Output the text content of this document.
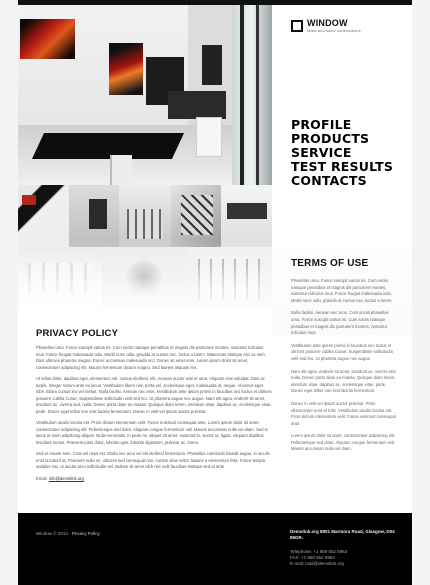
WINDOW
Make and future constructions
PROFILE
PRODUCTS
SERVICE
TEST RESULTS
CONTACTS
TERMS OF USE

Phasellus urna. Fusce suscipit varius mi. Cum sociis natoque penatibus et magnis dis parturient montes, nascetur ridiculus mus. Fusce feugiat malesuada odio. Morbi nunc odio, gravida at cursus nec, luctus a lorem.

Nulla facilisi. Aenean nec eros. Cum sociis phasellus urna. Fusce suscipit varius mi. Cum sociis natoque penatibus et magnis dis parturient montes, nascetur ridiculus mus.

Vestibulum ante ipsum primis in faucibus orci luctus et ultrices posuere cubilia Curae; Suspendisse sollicitudin velit sed leo. Ut pharetra augue nec augue.

Nam elit agna, endrerit sit amet, tincidunt ac, viverra sed, nulla. Donec porta diam eu massa. Quisque diam lorem, interdum vitae, dapibus ac, scelerisque vitae, pede. Donec eget tellus non erat lacinia fermentum.

Donec in velit vel ipsum auctor pulvinar. Proin ullamcorper urna et felis. Vestibulum iaculis lacinia est. Proin dictum elementum velit. Fusce euismod consequat ante.

Lorem ipsum dolor sit amet, consectetuer adipiscing elit. Pellentesque sed dolor. Aliquam congue fermentum nisl. Mauris accumsan nulla vel diam.

PRIVACY POLICY

Phasellus urna. Fusce suscipit varius mi. Cum sociis natoque penatibus et magnis dis parturient montes, nascetur ridiculus mus. Fusce feugiat malesuada odio. Morbi nunc odio, gravida at cursus nec, luctus a lorem. Maecenas tristique orci ac sem. Duis ultricies pharetra magna. Donec accumsan malesuada orci. Donec sit amet eros. Lorem ipsum dolor sit amet, consectetuer adipiscing elit. Mauris fermentum dictum magna. Sed laoreet aliquam leo.

Ut tellus dolor, dapibus eget, elementum vel, cursus eleifend, elit. Aenean auctor wisi et urna. Aliquam erat volutpat. Duis ac turpis. Integer rutrum ante eu lacus. Vestibulum libero nisl, porta vel, scelerisque eget, malesuada at, neque. Vivamus eget nibh. Etiam cursus leo vel metus. Nulla facilisi. Aenean nec eros. Vestibulum ante ipsum primis in faucibus orci luctus et ultrices posuere cubilia Curae; Suspendisse sollicitudin velit sed leo. Ut pharetra augue nec augue. Nam elit agna, endrerit sit amet, tincidunt ac, viverra sed, nulla. Donec porta diam eu massa. Quisque diam lorem, interdum vitae, dapibus ac, scelerisque vitae, pede. Donec eget tellus non erat lacinia fermentum. Donec in velit vel ipsum auctor pulvinar.

Vestibulum iaculis lacinia est. Proin dictum elementum velit. Fusce euismod consequat ante. Lorem ipsum dolor sit amet, consectetuer adipiscing elit. Pellentesque sed dolor. Aliquam congue fermentum nisl. Mauris accumsan nulla vel diam. Sed in lacus ut enim adipiscing aliquet. Nulla venenatis. In pede mi, aliquet sit amet, euismod in, auctor ut, ligula. Aliquam dapibus tincidunt metus. Praesent justo dolor, lobortis quis, lobortis dignissim, pulvinar ac, lorem.

Sed et ornare sem. Cras vel risus est. Morbi nec arcu vel elit eleifend fermentum. Phasellus commodo blandit augue, in iaculis eros tincidunt at. Praesent nulla mi, ultricies sed consequat non, cursus vitae tortor. Mauris a elementum felis. Fusce tempor sodales nisi, ut iaculis arcu sollicitudin vel. Nullam sit amet nibh nec velit faucibus tristique sed at ante.

Email: info@demolink.org
Window © 2013 · Privacy Policy	Demolink.org 8901 Marmora Road, Glasgow, D04 89GR.
Telephone: +1 959 552 5963
FAX: +1 959 552 5963
E-mail: mail@demolink.org
